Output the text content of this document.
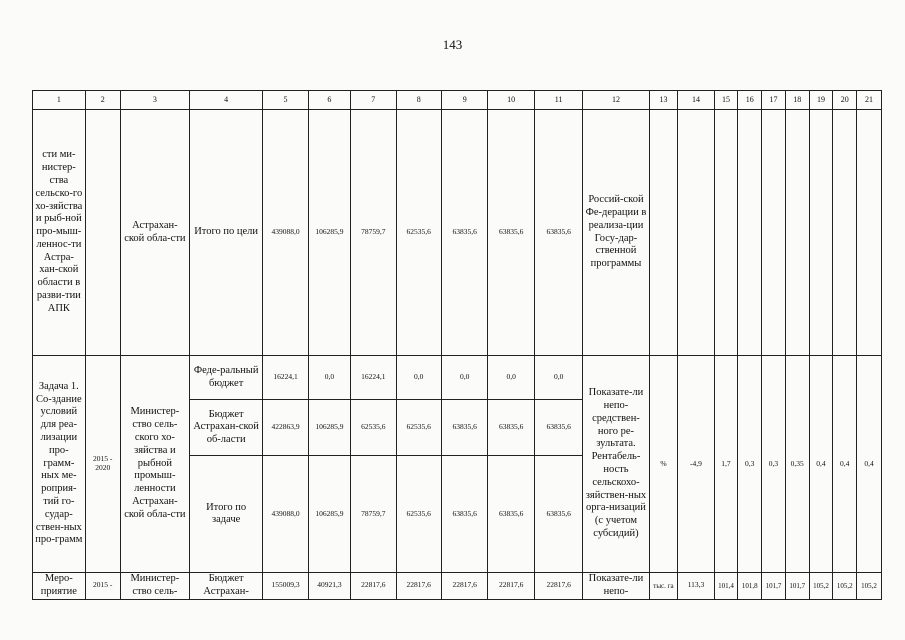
143
1	2	3	4	5	6	7	8	9	10	11	12	13	14	15	16	17	18	19	20	21
сти ми-нистер-ства сельско-го хо-зяйства и рыб-ной про-мыш-леннос-ти Астра-хан-ской области в разви-тии АПК		Астрахан-ской обла-сти	Итого по цели	439088,0	106285,9	78759,7	62535,6	63835,6	63835,6	63835,6	Россий-ской Фе-дерации в реализа-ции Госу-дар-ственной программы									
Задача 1. Со-здание условий для реа-лизации про-грамм-ных ме-роприя-тий го-судар-ствен-ных про-грамм	2015 - 2020	Министер-ство сель-ского хо-зяйства и рыбной промыш-ленности Астрахан-ской обла-сти	Феде-ральный бюджет	16224,1	0,0	16224,1	0,0	0,0	0,0	0,0	Показате-ли непо-средствен-ного ре-зультата. Рентабель-ность сельскохо-зяйствен-ных орга-низаций (с учетом субсидий)	%	-4,9	1,7	0,3	0,3	0,35	0,4	0,4	0,4
			Бюджет Астрахан-ской об-ласти	422863,9	106285,9	62535,6	62535,6	63835,6	63835,6	63835,6										
			Итого по задаче	439088,0	106285,9	78759,7	62535,6	63835,6	63835,6	63835,6										
Меро-приятие	2015 -	Министер-ство сель-	Бюджет Астрахан-	155009,3	40921,3	22817,6	22817,6	22817,6	22817,6	22817,6	Показате-ли непо-	тыс. га	113,3	101,4	101,8	101,7	101,7	105,2	105,2	105,2
